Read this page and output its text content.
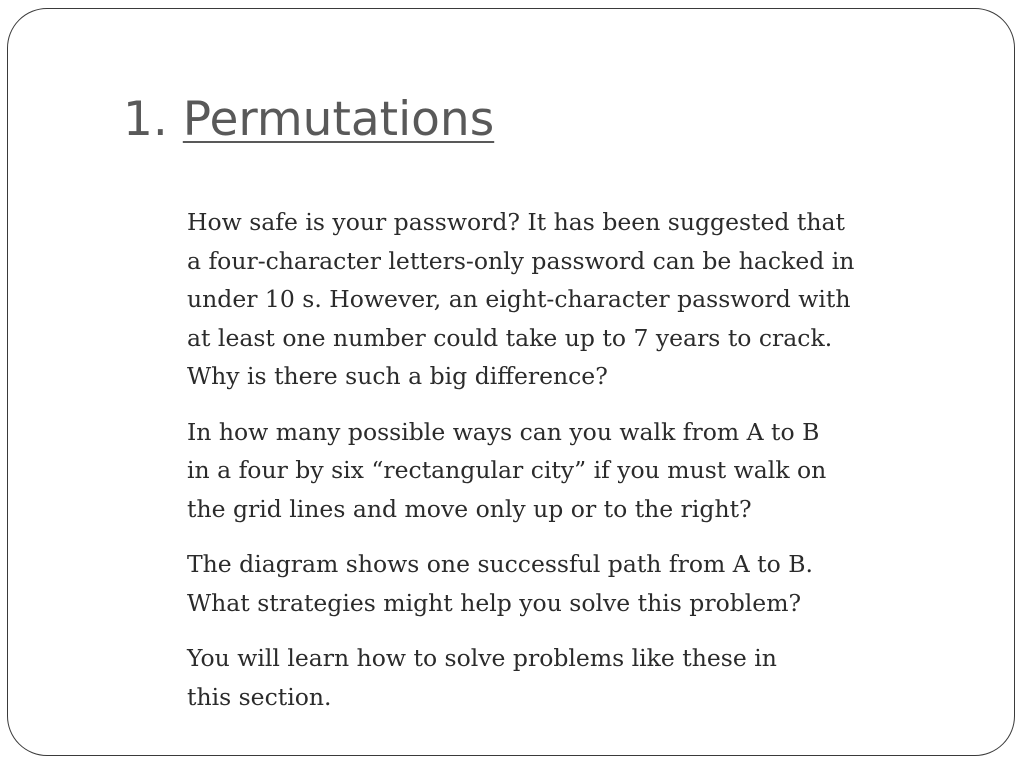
1. Permutations

How safe is your password? It has been suggested that
a four-character letters-only password can be hacked in
under 10 s. However, an eight-character password with
at least one number could take up to 7 years to crack.
Why is there such a big difference?

In how many possible ways can you walk from A to B
in a four by six “rectangular city” if you must walk on
the grid lines and move only up or to the right?

The diagram shows one successful path from A to B.
What strategies might help you solve this problem?

You will learn how to solve problems like these in
this section.
